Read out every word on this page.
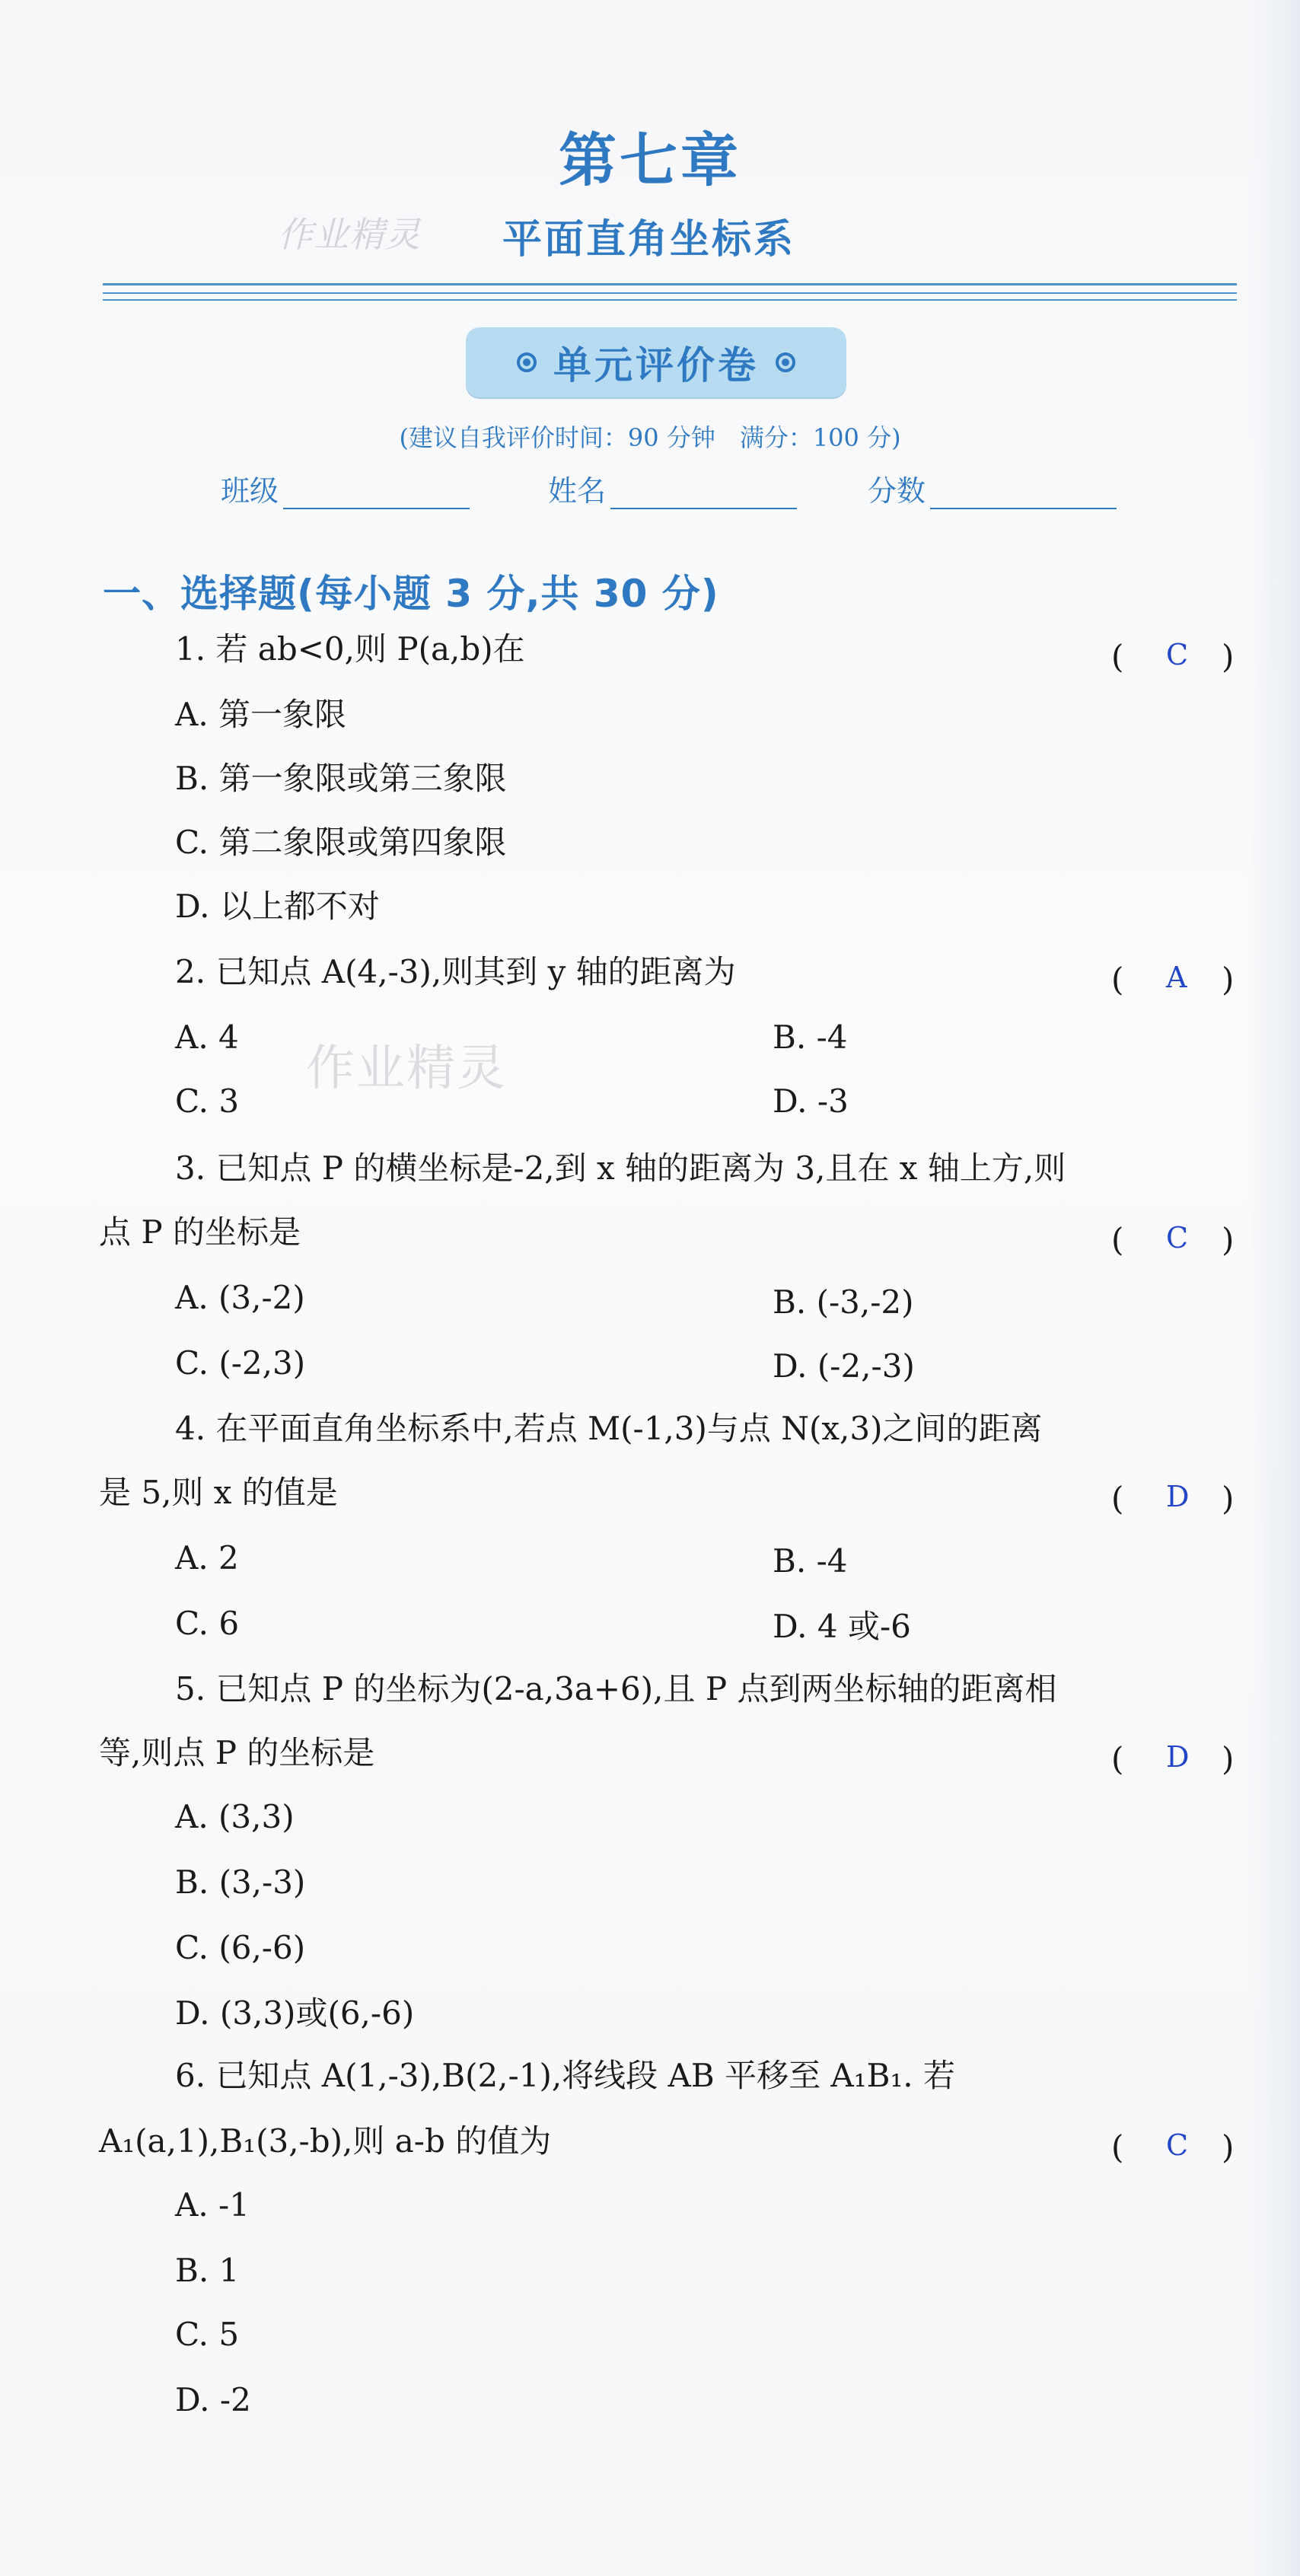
第七章
作业精灵 平面直角坐标系
单元评价卷
(建议自我评价时间：90 分钟　满分：100 分)
班级	姓名	分数
一、选择题(每小题 3 分,共 30 分)
1. 若 ab<0,则 P(a,b)在	( C )
A. 第一象限
B. 第一象限或第三象限
C. 第二象限或第四象限
D. 以上都不对
2. 已知点 A(4,-3),则其到 y 轴的距离为	( A )
作业精灵
A. 4	B. -4
C. 3	D. -3
3. 已知点 P 的横坐标是-2,到 x 轴的距离为 3,且在 x 轴上方,则
点 P 的坐标是	( C )
A. (3,-2)	B. (-3,-2)
C. (-2,3)	D. (-2,-3)
4. 在平面直角坐标系中,若点 M(-1,3)与点 N(x,3)之间的距离
是 5,则 x 的值是	( D )
A. 2	B. -4
C. 6	D. 4 或-6
5. 已知点 P 的坐标为(2-a,3a+6),且 P 点到两坐标轴的距离相
等,则点 P 的坐标是	( D )
A. (3,3)
B. (3,-3)
C. (6,-6)
D. (3,3)或(6,-6)
6. 已知点 A(1,-3),B(2,-1),将线段 AB 平移至 A₁B₁. 若
A₁(a,1),B₁(3,-b),则 a-b 的值为	( C )
A. -1
B. 1
C. 5
D. -2
